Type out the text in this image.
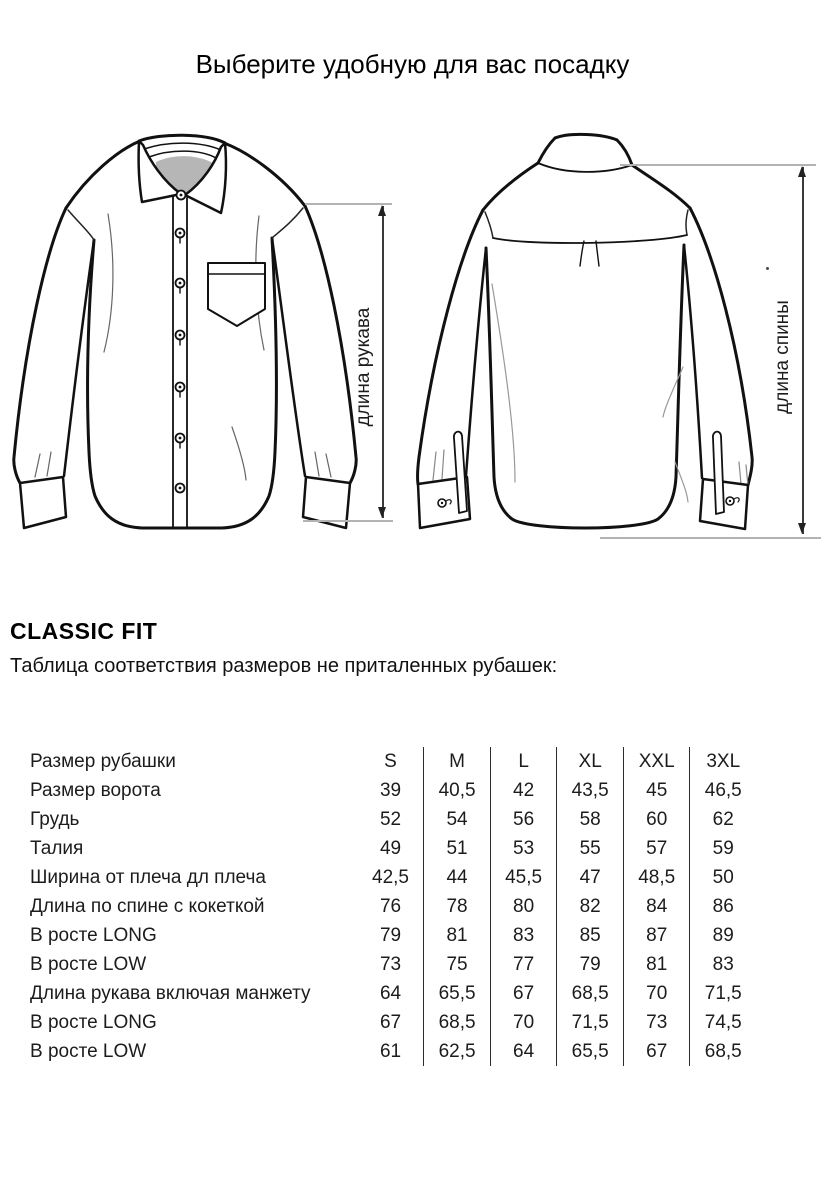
Выберите удобную для вас посадку
длина рукава	длина спины
CLASSIC FIT
Таблица соответствия размеров не приталенных рубашек:
Размер рубашки	S	M	L	XL	XXL	3XL
Размер ворота	39	40,5	42	43,5	45	46,5
Грудь	52	54	56	58	60	62
Талия	49	51	53	55	57	59
Ширина от плеча дл плеча	42,5	44	45,5	47	48,5	50
Длина по спине с кокеткой	76	78	80	82	84	86
В росте LONG	79	81	83	85	87	89
В росте LOW	73	75	77	79	81	83
Длина рукава включая манжету	64	65,5	67	68,5	70	71,5
В росте LONG	67	68,5	70	71,5	73	74,5
В росте LOW	61	62,5	64	65,5	67	68,5
